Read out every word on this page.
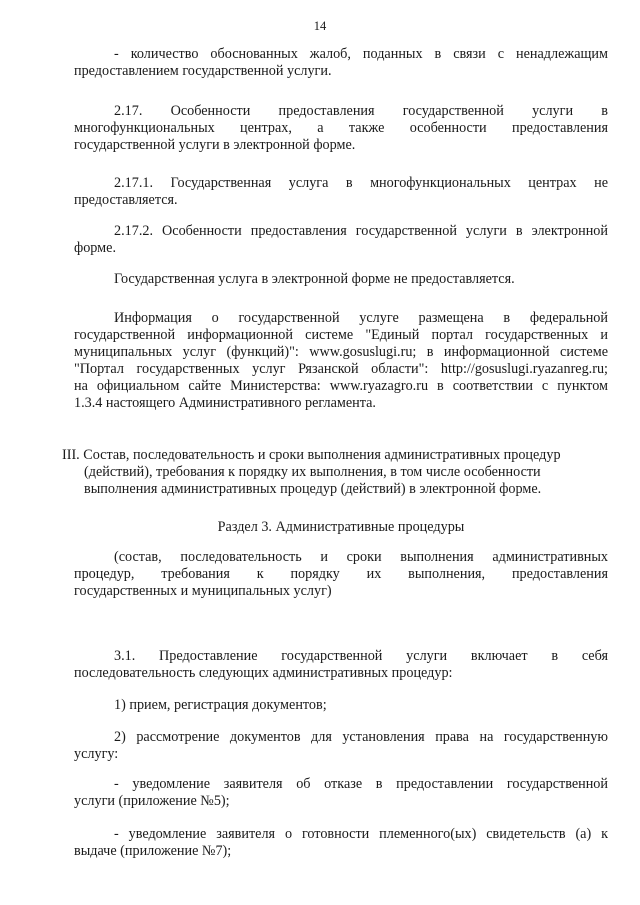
14
- количество обоснованных жалоб, поданных в связи с ненадлежащим
предоставлением государственной услуги.
2.17. Особенности предоставления государственной услуги в
многофункциональных центрах, а также особенности предоставления
государственной услуги в электронной форме.
2.17.1. Государственная услуга в многофункциональных центрах не
предоставляется.
2.17.2. Особенности предоставления государственной услуги в электронной
форме.
Государственная услуга в электронной форме не предоставляется.
Информация о государственной услуге размещена в федеральной
государственной информационной системе "Единый портал государственных и
муниципальных услуг (функций)": www.gosuslugi.ru; в информационной системе
"Портал государственных услуг Рязанской области": http://gosuslugi.ryazanreg.ru;
на официальном сайте Министерства: www.ryazagro.ru в соответствии с пунктом
1.3.4 настоящего Административного регламента.
III. Состав, последовательность и сроки выполнения административных процедур
(действий), требования к порядку их выполнения, в том числе особенности
выполнения административных процедур (действий) в электронной форме.
Раздел 3. Административные процедуры
(состав, последовательность и сроки выполнения административных
процедур, требования к порядку их выполнения, предоставления
государственных и муниципальных услуг)
3.1. Предоставление государственной услуги включает в себя
последовательность следующих административных процедур:
1) прием, регистрация документов;
2) рассмотрение документов для установления права на государственную
услугу:
- уведомление заявителя об отказе в предоставлении государственной
услуги (приложение №5);
- уведомление заявителя о готовности племенного(ых) свидетельств (а) к
выдаче (приложение №7);
